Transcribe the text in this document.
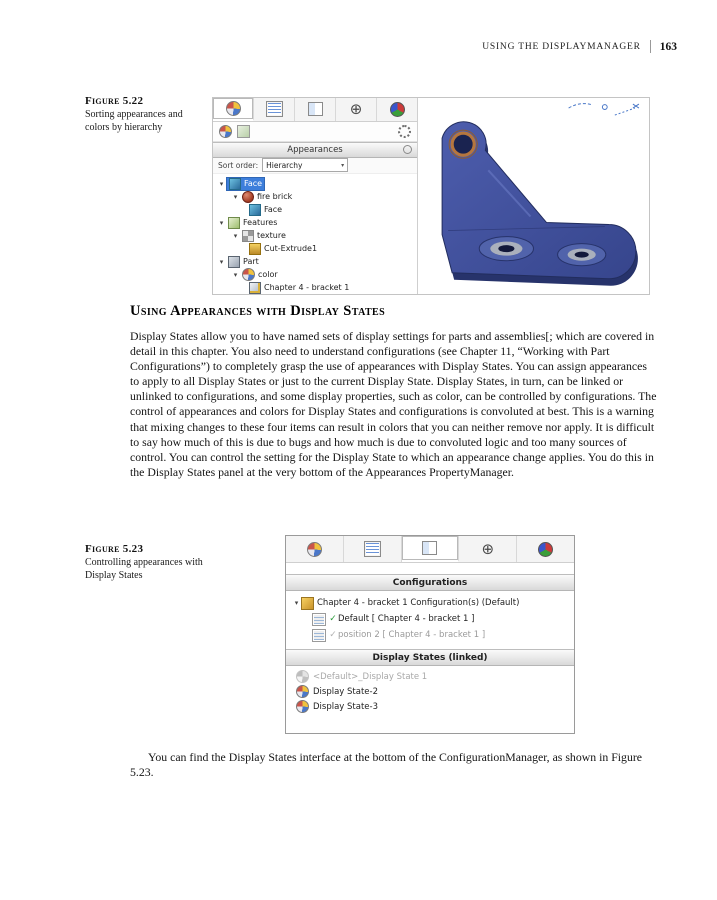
USING THE DISPLAYMANAGER 163
Figure 5.22
Sorting appearances and colors by hierarchy
⊕
Appearances
Sort order: Hierarchy	▾
▾	Face
▾	fire brick
Face
▾	Features
▾	texture
Cut-Extrude1
▾	Part
▾	color
Chapter 4 - bracket 1
Using Appearances with Display States
Display States allow you to have named sets of display settings for parts and assemblies[; which are covered in detail in this chapter. You also need to understand configurations (see Chapter 11, “Working with Part Configurations”) to completely grasp the use of appearances with Display States. You can assign appearances to apply to all Display States or just to the current Display State. Display States, in turn, can be linked or unlinked to configurations, and some display properties, such as color, can be controlled by configurations. The control of appearances and colors for Display States and configurations is convoluted at best. This is a warning that mixing changes to these four items can result in colors that you can neither remove nor apply. It is difficult to say how much of this is due to bugs and how much is due to convoluted logic and too many sources of control. You can control the setting for the Display State to which an appearance change applies. You do this in the Display States panel at the very bottom of the Appearances PropertyManager.
Figure 5.23
Controlling appearances with Display States
⊕
Configurations
▾	Chapter 4 - bracket 1 Configuration(s) (Default)
✓ Default [ Chapter 4 - bracket 1 ]
✓ position 2 [ Chapter 4 - bracket 1 ]
Display States (linked)
<Default>_Display State 1
Display State-2
Display State-3
You can find the Display States interface at the bottom of the ConfigurationManager, as shown in Figure 5.23.
